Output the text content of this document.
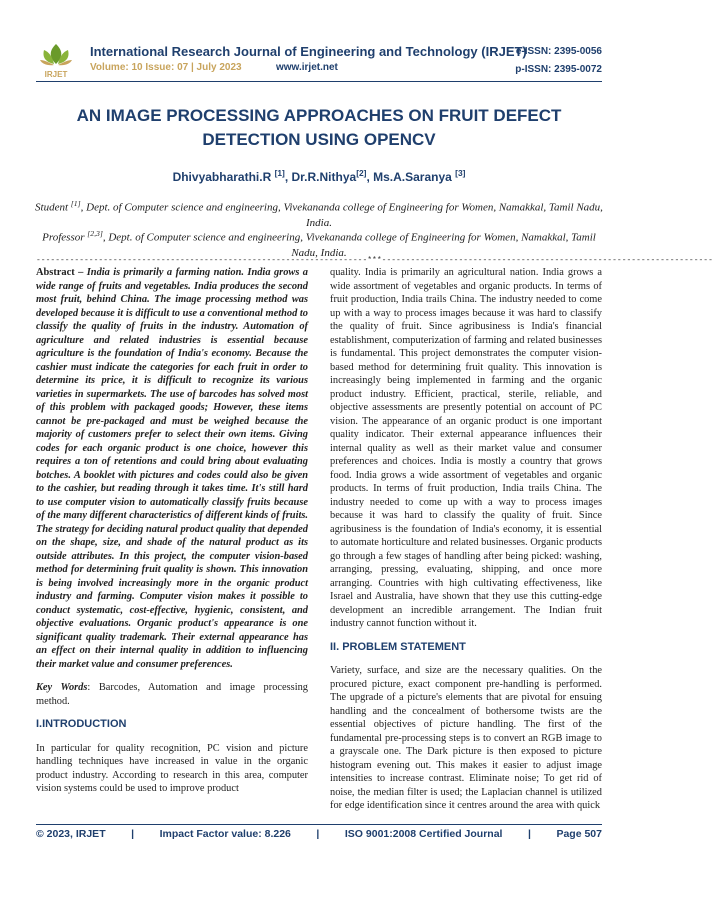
IRJET
International Research Journal of Engineering and Technology (IRJET)
Volume: 10 Issue: 07 | July 2023	www.irjet.net
e-ISSN: 2395-0056
p-ISSN: 2395-0072
AN IMAGE PROCESSING APPROACHES ON FRUIT DEFECT DETECTION USING OPENCV
Dhivyabharathi.R [1], Dr.R.Nithya[2], Ms.A.Saranya [3]

Student [1], Dept. of Computer science and engineering, Vivekananda college of Engineering for Women, Namakkal, Tamil Nadu, India.

Professor [2,3], Dept. of Computer science and engineering, Vivekananda college of Engineering for Women, Namakkal, Tamil Nadu, India.

---------------------------------------------------------------------***---------------------------------------------------------------------

Abstract – India is primarily a farming nation. India grows a wide range of fruits and vegetables. India produces the second most fruit, behind China. The image processing method was developed because it is difficult to use a conventional method to classify the quality of fruits in the industry. Automation of agriculture and related industries is essential because agriculture is the foundation of India's economy. Because the cashier must indicate the categories for each fruit in order to determine its price, it is difficult to recognize its various varieties in supermarkets. The use of barcodes has solved most of this problem with packaged goods; However, these items cannot be pre-packaged and must be weighed because the majority of customers prefer to select their own items. Giving codes for each organic product is one choice, however this requires a ton of retentions and could bring about evaluating botches. A booklet with pictures and codes could also be given to the cashier, but reading through it takes time. It's still hard to use computer vision to automatically classify fruits because of the many different characteristics of different kinds of fruits. The strategy for deciding natural product quality that depended on the shape, size, and shade of the natural product as its outside attributes. In this project, the computer vision-based method for determining fruit quality is shown. This innovation is being involved increasingly more in the organic product industry and farming. Computer vision makes it possible to conduct systematic, cost-effective, hygienic, consistent, and objective evaluations. Organic product's appearance is one significant quality trademark. Their external appearance has an effect on their internal quality in addition to influencing their market value and consumer preferences.

Key Words: Barcodes, Automation and image processing method.

I.INTRODUCTION

In particular for quality recognition, PC vision and picture handling techniques have increased in value in the organic product industry. According to research in this area, computer vision systems could be used to improve product

quality. India is primarily an agricultural nation. India grows a wide assortment of vegetables and organic products. In terms of fruit production, India trails China. The industry needed to come up with a way to process images because it was hard to classify the quality of fruit. Since agribusiness is India's financial establishment, computerization of farming and related businesses is fundamental. This project demonstrates the computer vision-based method for determining fruit quality. This innovation is increasingly being implemented in farming and the organic product industry. Efficient, practical, sterile, reliable, and objective assessments are presently potential on account of PC vision. The appearance of an organic product is one important quality indicator. Their external appearance influences their internal quality as well as their market value and consumer preferences and choices. India is mostly a country that grows food. India grows a wide assortment of vegetables and organic products. In terms of fruit production, India trails China. The industry needed to come up with a way to process images because it was hard to classify the quality of fruit. Since agribusiness is the foundation of India's economy, it is essential to automate horticulture and related businesses. Organic products go through a few stages of handling after being picked: washing, arranging, pressing, evaluating, shipping, and once more arranging. Countries with high cultivating effectiveness, like Israel and Australia, have shown that they use this cutting-edge development an incredible arrangement. The Indian fruit industry cannot function without it.

II. PROBLEM STATEMENT

Variety, surface, and size are the necessary qualities. On the procured picture, exact component pre-handling is performed. The upgrade of a picture's elements that are pivotal for ensuing handling and the concealment of bothersome twists are the essential objectives of picture handling. The first of the fundamental pre-processing steps is to convert an RGB image to a grayscale one. The Dark picture is then exposed to picture histogram evening out. This makes it easier to adjust image intensities to increase contrast. Eliminate noise; To get rid of noise, the median filter is used; the Laplacian channel is utilized for edge identification since it centres around the area with quick

© 2023, IRJET | Impact Factor value: 8.226 | ISO 9001:2008 Certified Journal | Page 507
